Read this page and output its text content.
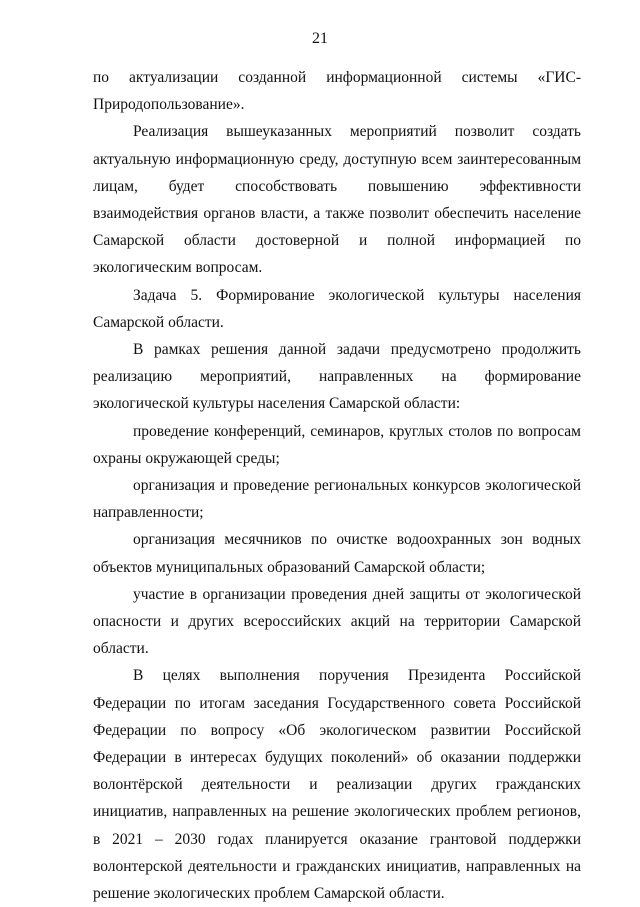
21

по актуализации созданной информационной системы «ГИС-Природопользование».

Реализация вышеуказанных мероприятий позволит создать актуальную информационную среду, доступную всем заинтересованным лицам, будет способствовать повышению эффективности взаимодействия органов власти, а также позволит обеспечить население Самарской области достоверной и полной информацией по экологическим вопросам.

Задача 5. Формирование экологической культуры населения Самарской области.

В рамках решения данной задачи предусмотрено продолжить реализацию мероприятий, направленных на формирование экологической культуры населения Самарской области:

проведение конференций, семинаров, круглых столов по вопросам охраны окружающей среды;

организация и проведение региональных конкурсов экологической направленности;

организация месячников по очистке водоохранных зон водных объектов муниципальных образований Самарской области;

участие в организации проведения дней защиты от экологической опасности и других всероссийских акций на территории Самарской области.

В целях выполнения поручения Президента Российской Федерации по итогам заседания Государственного совета Российской Федерации по вопросу «Об экологическом развитии Российской Федерации в интересах будущих поколений» об оказании поддержки волонтёрской деятельности и реализации других гражданских инициатив, направленных на решение экологических проблем регионов, в 2021 – 2030 годах планируется оказание грантовой поддержки волонтерской деятельности и гражданских инициатив, направленных на решение экологических проблем Самарской области.
